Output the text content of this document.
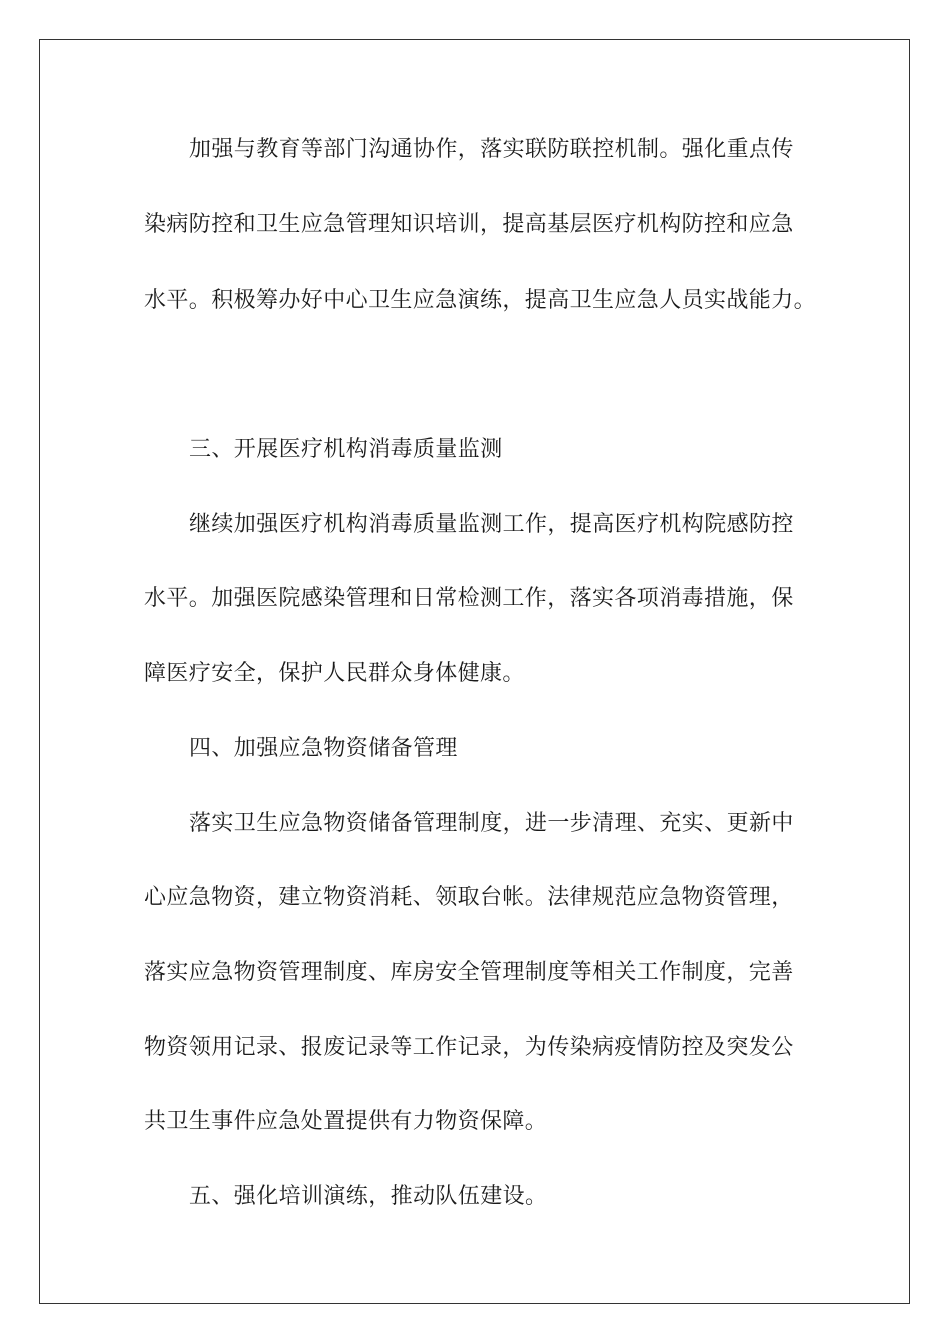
加强与教育等部门沟通协作，落实联防联控机制。强化重点传
染病防控和卫生应急管理知识培训，提高基层医疗机构防控和应急
水平。积极筹办好中心卫生应急演练，提高卫生应急人员实战能力。
三、开展医疗机构消毒质量监测
继续加强医疗机构消毒质量监测工作，提高医疗机构院感防控
水平。加强医院感染管理和日常检测工作，落实各项消毒措施，保
障医疗安全，保护人民群众身体健康。
四、加强应急物资储备管理
落实卫生应急物资储备管理制度，进一步清理、充实、更新中
心应急物资，建立物资消耗、领取台帐。法律规范应急物资管理，
落实应急物资管理制度、库房安全管理制度等相关工作制度，完善
物资领用记录、报废记录等工作记录，为传染病疫情防控及突发公
共卫生事件应急处置提供有力物资保障。
五、强化培训演练，推动队伍建设。
